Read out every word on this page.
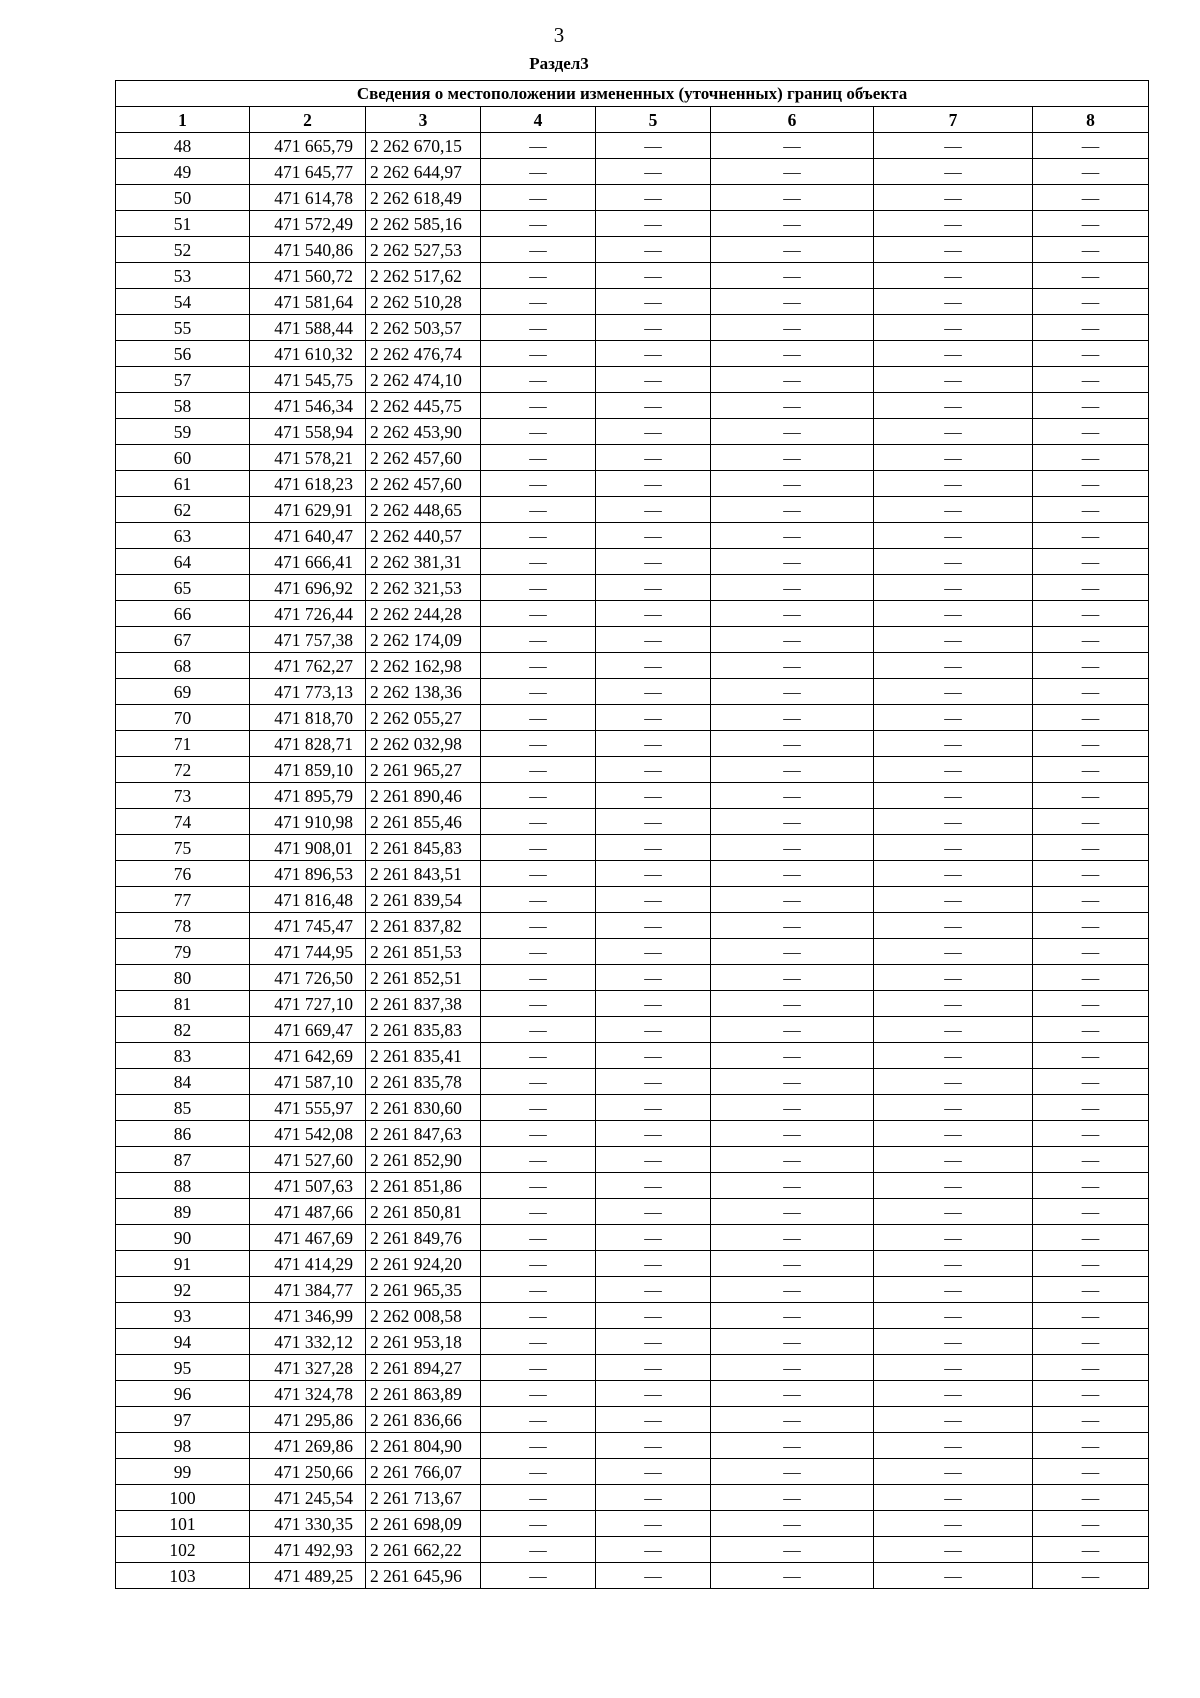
3
Раздел3
Сведения о местоположении измененных (уточненных) границ объекта							
1	2	3	4	5	6	7	8
48	471 665,79	2 262 670,15	—	—	—	—	—
49	471 645,77	2 262 644,97	—	—	—	—	—
50	471 614,78	2 262 618,49	—	—	—	—	—
51	471 572,49	2 262 585,16	—	—	—	—	—
52	471 540,86	2 262 527,53	—	—	—	—	—
53	471 560,72	2 262 517,62	—	—	—	—	—
54	471 581,64	2 262 510,28	—	—	—	—	—
55	471 588,44	2 262 503,57	—	—	—	—	—
56	471 610,32	2 262 476,74	—	—	—	—	—
57	471 545,75	2 262 474,10	—	—	—	—	—
58	471 546,34	2 262 445,75	—	—	—	—	—
59	471 558,94	2 262 453,90	—	—	—	—	—
60	471 578,21	2 262 457,60	—	—	—	—	—
61	471 618,23	2 262 457,60	—	—	—	—	—
62	471 629,91	2 262 448,65	—	—	—	—	—
63	471 640,47	2 262 440,57	—	—	—	—	—
64	471 666,41	2 262 381,31	—	—	—	—	—
65	471 696,92	2 262 321,53	—	—	—	—	—
66	471 726,44	2 262 244,28	—	—	—	—	—
67	471 757,38	2 262 174,09	—	—	—	—	—
68	471 762,27	2 262 162,98	—	—	—	—	—
69	471 773,13	2 262 138,36	—	—	—	—	—
70	471 818,70	2 262 055,27	—	—	—	—	—
71	471 828,71	2 262 032,98	—	—	—	—	—
72	471 859,10	2 261 965,27	—	—	—	—	—
73	471 895,79	2 261 890,46	—	—	—	—	—
74	471 910,98	2 261 855,46	—	—	—	—	—
75	471 908,01	2 261 845,83	—	—	—	—	—
76	471 896,53	2 261 843,51	—	—	—	—	—
77	471 816,48	2 261 839,54	—	—	—	—	—
78	471 745,47	2 261 837,82	—	—	—	—	—
79	471 744,95	2 261 851,53	—	—	—	—	—
80	471 726,50	2 261 852,51	—	—	—	—	—
81	471 727,10	2 261 837,38	—	—	—	—	—
82	471 669,47	2 261 835,83	—	—	—	—	—
83	471 642,69	2 261 835,41	—	—	—	—	—
84	471 587,10	2 261 835,78	—	—	—	—	—
85	471 555,97	2 261 830,60	—	—	—	—	—
86	471 542,08	2 261 847,63	—	—	—	—	—
87	471 527,60	2 261 852,90	—	—	—	—	—
88	471 507,63	2 261 851,86	—	—	—	—	—
89	471 487,66	2 261 850,81	—	—	—	—	—
90	471 467,69	2 261 849,76	—	—	—	—	—
91	471 414,29	2 261 924,20	—	—	—	—	—
92	471 384,77	2 261 965,35	—	—	—	—	—
93	471 346,99	2 262 008,58	—	—	—	—	—
94	471 332,12	2 261 953,18	—	—	—	—	—
95	471 327,28	2 261 894,27	—	—	—	—	—
96	471 324,78	2 261 863,89	—	—	—	—	—
97	471 295,86	2 261 836,66	—	—	—	—	—
98	471 269,86	2 261 804,90	—	—	—	—	—
99	471 250,66	2 261 766,07	—	—	—	—	—
100	471 245,54	2 261 713,67	—	—	—	—	—
101	471 330,35	2 261 698,09	—	—	—	—	—
102	471 492,93	2 261 662,22	—	—	—	—	—
103	471 489,25	2 261 645,96	—	—	—	—	—
